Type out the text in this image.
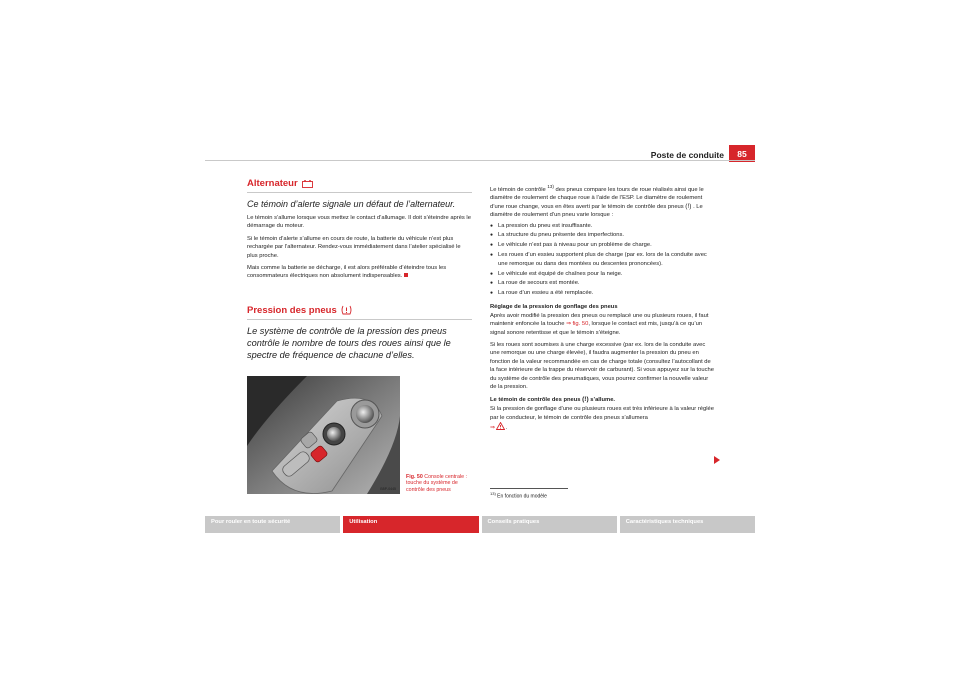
Poste de conduite	85
Alternateur
Ce témoin d’alerte signale un défaut de l’alternateur.

Le témoin s’allume lorsque vous mettez le contact d’allumage. Il doit s’éteindre après le démarrage du moteur.

Si le témoin d’alerte s’allume en cours de route, la batterie du véhicule n’est plus rechargée par l’alternateur. Rendez-vous immédiatement dans l’atelier spécialisé le plus proche.

Mais comme la batterie se décharge, il est alors préférable d’éteindre tous les consommateurs électriques non absolument indispensables.

Pression des pneus
Le système de contrôle de la pression des pneus contrôle le nombre de tours des roues ainsi que le spectre de fréquence de chacune d’elles.
B5P-0445
Fig. 50 Console centrale : touche du système de contrôle des pneus

Le témoin de contrôle $^{13)}$ des pneus compare les tours de roue réalisés ainsi que le diamètre de roulement de chaque roue à l’aide de l’ESP. Le diamètre de roulement d’une roue change, vous en êtes averti par le témoin de contrôle des pneus (!) . Le diamètre de roulement d’un pneu varie lorsque :

● La pression du pneu est insuffisante.
● La structure du pneu présente des imperfections.
● Le véhicule n’est pas à niveau pour un problème de charge.
● Les roues d’un essieu supportent plus de charge (par ex. lors de la conduite avec une remorque ou dans des montées ou descentes prononcées).
● Le véhicule est équipé de chaînes pour la neige.
● La roue de secours est montée.
● La roue d’un essieu a été remplacée.
Réglage de la pression de gonflage des pneus

Après avoir modifié la pression des pneus ou remplacé une ou plusieurs roues, il faut maintenir enfoncée la touche ⇒ fig. 50, lorsque le contact est mis, jusqu’à ce qu’un signal sonore retentisse et que le témoin s’éteigne.

Si les roues sont soumises à une charge excessive (par ex. lors de la conduite avec une remorque ou une charge élevée), il faudra augmenter la pression du pneu en fonction de la valeur recommandée en cas de charge totale (consultez l’autocollant de la face intérieure de la trappe du réservoir de carburant). Si vous appuyez sur la touche du système de contrôle des pneumatiques, vous pourrez confirmer la nouvelle valeur de la pression.

Le témoin de contrôle des pneus (!) s’allume.

Si la pression de gonflage d’une ou plusieurs roues est très inférieure à la valeur réglée par le conducteur, le témoin de contrôle des pneus s’allumera
⇒ .

$^{13)}$ En fonction du modèle
Pour rouler en toute sécurité	Utilisation	Conseils pratiques	Caractéristiques techniques
